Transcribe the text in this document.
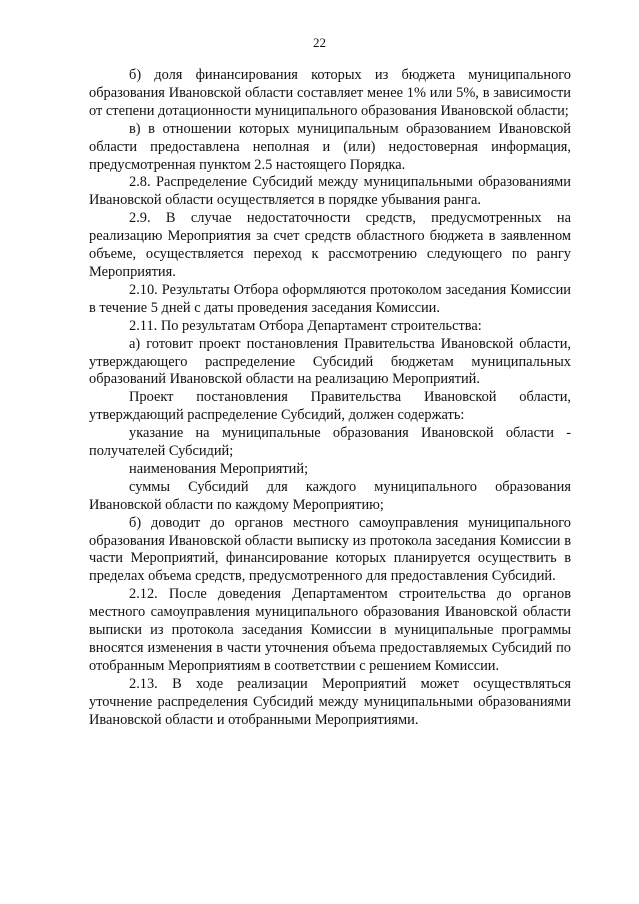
22

б) доля финансирования которых из бюджета муниципального образования Ивановской области составляет менее 1% или 5%, в зависимости от степени дотационности муниципального образования Ивановской области;

в) в отношении которых муниципальным образованием Ивановской области предоставлена неполная и (или) недостоверная информация, предусмотренная пунктом 2.5 настоящего Порядка.

2.8. Распределение Субсидий между муниципальными образованиями Ивановской области осуществляется в порядке убывания ранга.

2.9. В случае недостаточности средств, предусмотренных на реализацию Мероприятия за счет средств областного бюджета в заявленном объеме, осуществляется переход к рассмотрению следующего по рангу Мероприятия.

2.10. Результаты Отбора оформляются протоколом заседания Комиссии в течение 5 дней с даты проведения заседания Комиссии.

2.11. По результатам Отбора Департамент строительства:

а) готовит проект постановления Правительства Ивановской области, утверждающего распределение Субсидий бюджетам муниципальных образований Ивановской области на реализацию Мероприятий.

Проект постановления Правительства Ивановской области, утверждающий распределение Субсидий, должен содержать:

указание на муниципальные образования Ивановской области - получателей Субсидий;

наименования Мероприятий;

суммы Субсидий для каждого муниципального образования Ивановской области по каждому Мероприятию;

б) доводит до органов местного самоуправления муниципального образования Ивановской области выписку из протокола заседания Комиссии в части Мероприятий, финансирование которых планируется осуществить в пределах объема средств, предусмотренного для предоставления Субсидий.

2.12. После доведения Департаментом строительства до органов местного самоуправления муниципального образования Ивановской области выписки из протокола заседания Комиссии в муниципальные программы вносятся изменения в части уточнения объема предоставляемых Субсидий по отобранным Мероприятиям в соответствии с решением Комиссии.

2.13. В ходе реализации Мероприятий может осуществляться уточнение распределения Субсидий между муниципальными образованиями Ивановской области и отобранными Мероприятиями.
